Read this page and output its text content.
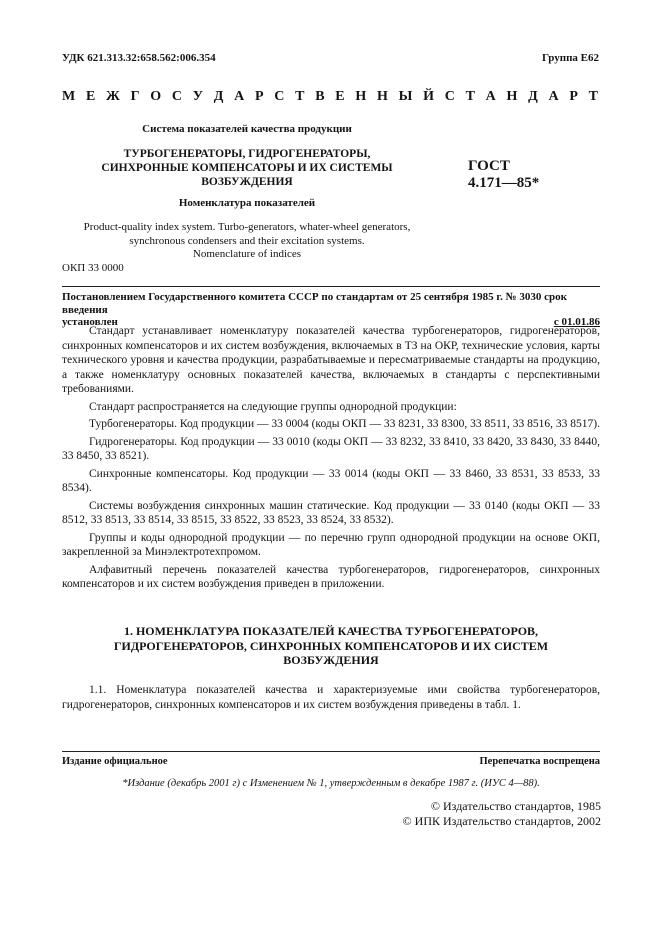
УДК 621.313.32:658.562:006.354	Группа Е62
М Е Ж Г О С У Д А Р С Т В Е Н Н Ы Й С Т А Н Д А Р Т
Система показателей качества продукции
ТУРБОГЕНЕРАТОРЫ, ГИДРОГЕНЕРАТОРЫ,
СИНХРОННЫЕ КОМПЕНСАТОРЫ И ИХ СИСТЕМЫ
ВОЗБУЖДЕНИЯ
ГОСТ
4.171—85*
Номенклатура показателей
Product-quality index system. Turbo-generators, whater-wheel generators,
synchronous condensers and their excitation systems.
Nomenclature of indices
ОКП 33 0000
Постановлением Государственного комитета СССР по стандартам от 25 сентября 1985 г. № 3030 срок введения
установлен	с 01.01.86

Стандарт устанавливает номенклатуру показателей качества турбогенераторов, гидрогенераторов, синхронных компенсаторов и их систем возбуждения, включаемых в ТЗ на ОКР, технические условия, карты технического уровня и качества продукции, разрабатываемые и пересматриваемые стандарты на продукцию, а также номенклатуру основных показателей качества, включаемых в стандарты с перспективными требованиями.

Стандарт распространяется на следующие группы однородной продукции:

Турбогенераторы. Код продукции — 33 0004 (коды ОКП — 33 8231, 33 8300, 33 8511, 33 8516, 33 8517).

Гидрогенераторы. Код продукции — 33 0010 (коды ОКП — 33 8232, 33 8410, 33 8420, 33 8430, 33 8440, 33 8450, 33 8521).

Синхронные компенсаторы. Код продукции — 33 0014 (коды ОКП — 33 8460, 33 8531, 33 8533, 33 8534).

Системы возбуждения синхронных машин статические. Код продукции — 33 0140 (коды ОКП — 33 8512, 33 8513, 33 8514, 33 8515, 33 8522, 33 8523, 33 8524, 33 8532).

Группы и коды однородной продукции — по перечню групп однородной продукции на основе ОКП, закрепленной за Минэлектротехпромом.

Алфавитный перечень показателей качества турбогенераторов, гидрогенераторов, синхронных компенсаторов и их систем возбуждения приведен в приложении.

1. НОМЕНКЛАТУРА ПОКАЗАТЕЛЕЙ КАЧЕСТВА ТУРБОГЕНЕРАТОРОВ,
ГИДРОГЕНЕРАТОРОВ, СИНХРОННЫХ КОМПЕНСАТОРОВ И ИХ СИСТЕМ
ВОЗБУЖДЕНИЯ

1.1. Номенклатура показателей качества и характеризуемые ими свойства турбогенераторов, гидрогенераторов, синхронных компенсаторов и их систем возбуждения приведены в табл. 1.

Издание официальное	Перепечатка воспрещена
*Издание (декабрь 2001 г) с Изменением № 1, утвержденным в декабре 1987 г. (ИУС 4—88).
© Издательство стандартов, 1985
© ИПК Издательство стандартов, 2002
